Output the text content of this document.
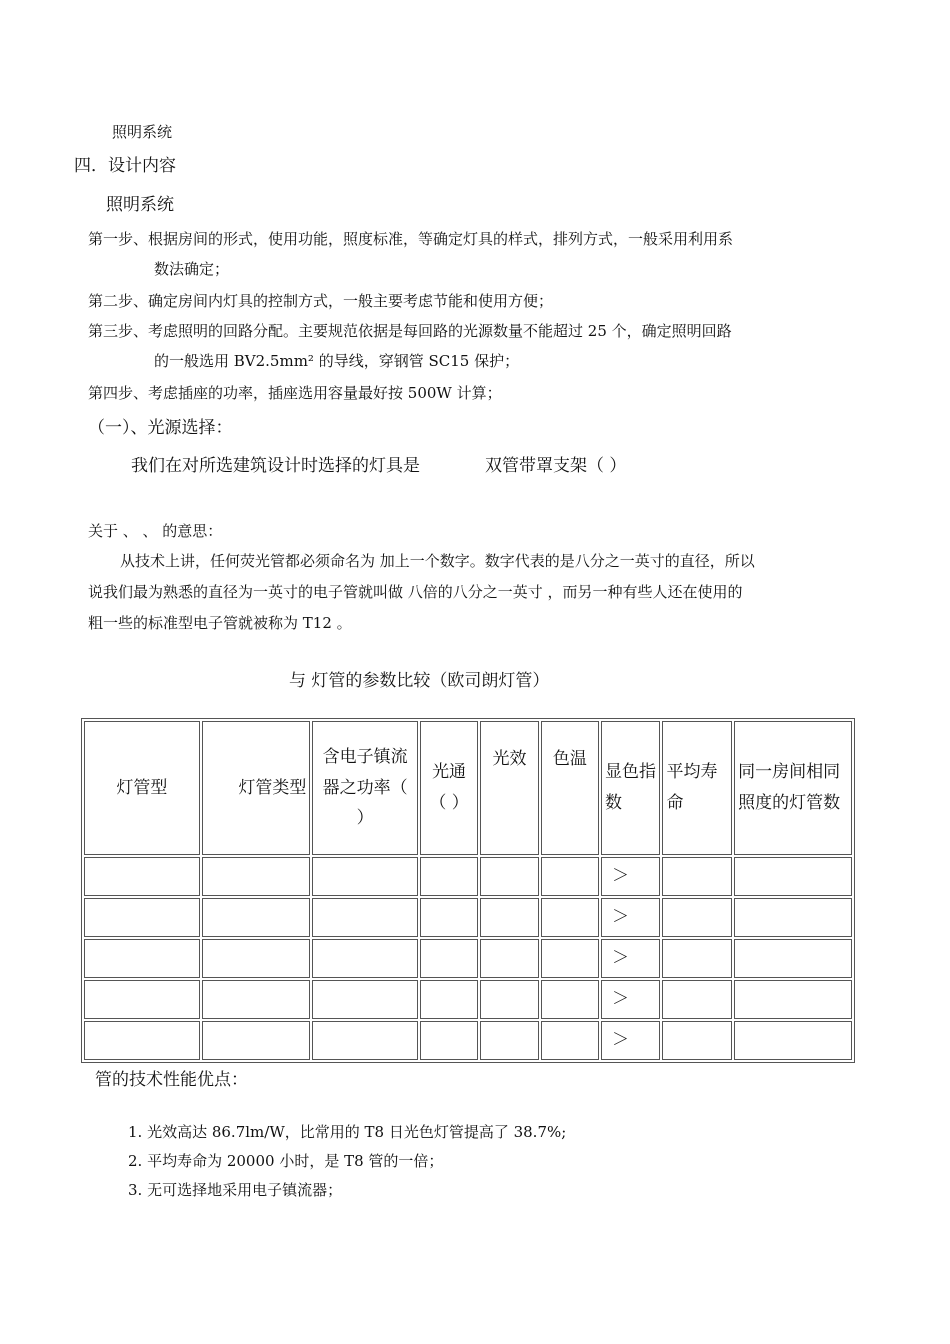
照明系统
四．设计内容
照明系统
第一步、根据房间的形式，使用功能，照度标准，等确定灯具的样式，排列方式，一般采用利用系
数法确定；
第二步、确定房间内灯具的控制方式，一般主要考虑节能和使用方便；
第三步、考虑照明的回路分配。主要规范依据是每回路的光源数量不能超过 25 个，确定照明回路
的一般选用 BV2.5mm² 的导线，穿钢管 SC15 保护；
第四步、考虑插座的功率，插座选用容量最好按 500W 计算；
（一）、光源选择：
我们在对所选建筑设计时选择的灯具是	双管带罩支架（ ）
关于 、 、 的意思：
从技术上讲，任何荧光管都必须命名为 加上一个数字。数字代表的是八分之一英寸的直径，所以
说我们最为熟悉的直径为一英寸的电子管就叫做 八倍的八分之一英寸 ，而另一种有些人还在使用的
粗一些的标准型电子管就被称为 T12 。
与 灯管的参数比较（欧司朗灯管）
灯管型	灯管类型	含电子镇流器之功率（ ）	光通（ ）	光效	色温	显色指数	平均寿命	同一房间相同照度的灯管数
						＞		
						＞		
						＞		
						＞		
						＞		
管的技术性能优点：
1. 光效高达 86.7lm/W，比常用的 T8 日光色灯管提高了 38.7%;
2. 平均寿命为 20000 小时，是 T8 管的一倍；
3. 无可选择地采用电子镇流器；
